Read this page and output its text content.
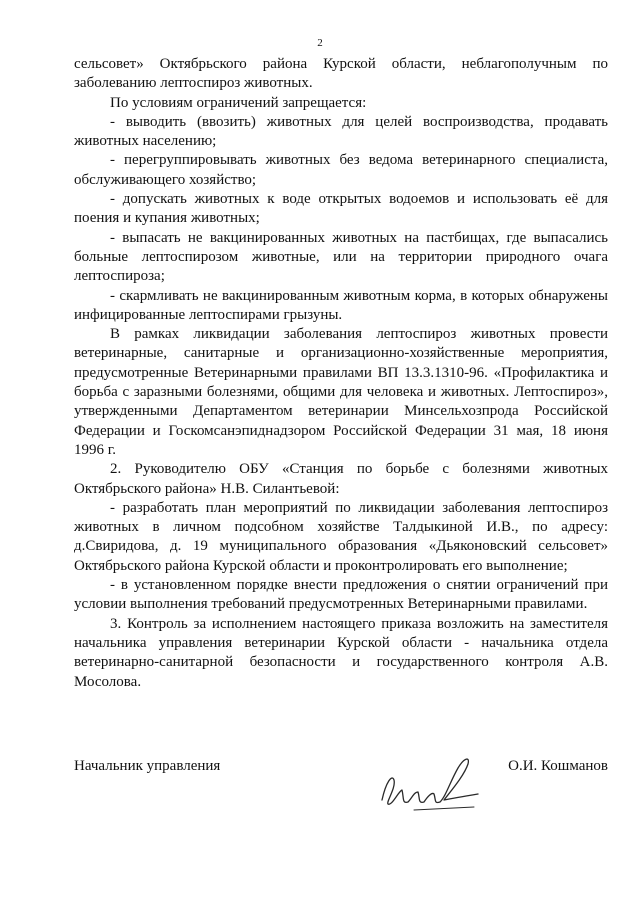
2

сельсовет» Октябрьского района Курской области, неблагополучным по заболеванию лептоспироз животных.

По условиям ограничений запрещается:

- выводить (ввозить) животных для целей воспроизводства, продавать животных населению;

- перегруппировывать животных без ведома ветеринарного специалиста, обслуживающего хозяйство;

- допускать животных к воде открытых водоемов и использовать её для поения и купания животных;

- выпасать не вакцинированных животных на пастбищах, где выпасались больные лептоспирозом животные, или на территории природного очага лептоспироза;

- скармливать не вакцинированным животным корма, в которых обнаружены инфицированные лептоспирами грызуны.

В рамках ликвидации заболевания лептоспироз животных провести ветеринарные, санитарные и организационно-хозяйственные мероприятия, предусмотренные Ветеринарными правилами ВП 13.3.1310-96. «Профилактика и борьба с заразными болезнями, общими для человека и животных. Лептоспироз», утвержденными Департаментом ветеринарии Минсельхозпрода Российской Федерации и Госкомсанэпиднадзором Российской Федерации 31 мая, 18 июня 1996 г.

2. Руководителю ОБУ «Станция по борьбе с болезнями животных Октябрьского района» Н.В. Силантьевой:

- разработать план мероприятий по ликвидации заболевания лептоспироз животных в личном подсобном хозяйстве Талдыкиной И.В., по адресу: д.Свиридова, д. 19 муниципального образования «Дьяконовский сельсовет» Октябрьского района Курской области и проконтролировать его выполнение;

- в установленном порядке внести предложения о снятии ограничений при условии выполнения требований предусмотренных Ветеринарными правилами.

3. Контроль за исполнением настоящего приказа возложить на заместителя начальника управления ветеринарии Курской области - начальника отдела ветеринарно-санитарной безопасности и государственного контроля А.В. Мосолова.

Начальник управления	О.И. Кошманов
